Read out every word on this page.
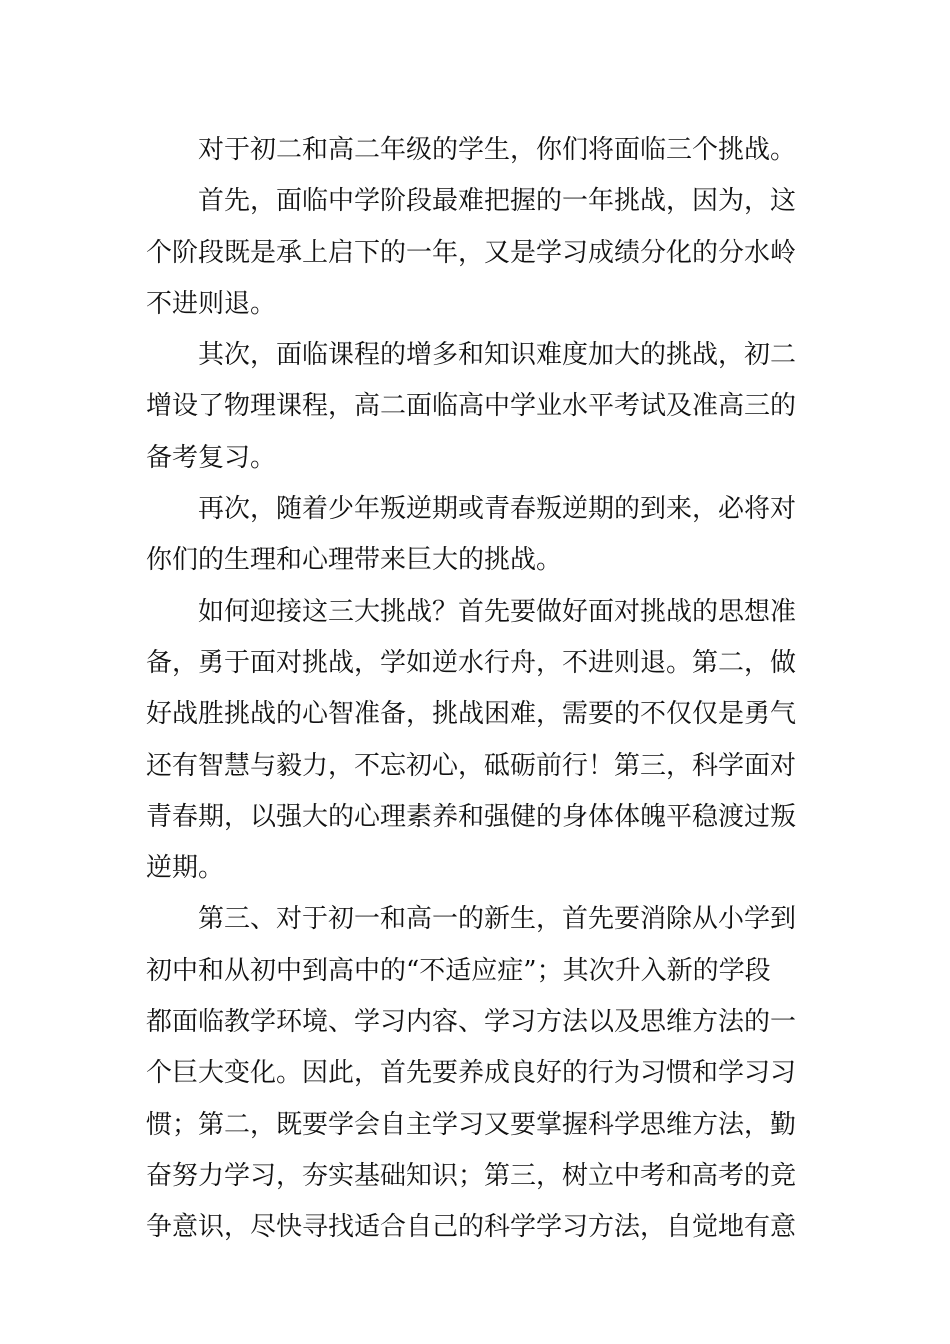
对于初二和高二年级的学生，你们将面临三个挑战。
首先，面临中学阶段最难把握的一年挑战，因为，这
个阶段既是承上启下的一年，又是学习成绩分化的分水岭
不进则退。
其次，面临课程的增多和知识难度加大的挑战，初二
增设了物理课程，高二面临高中学业水平考试及准高三的
备考复习。
再次，随着少年叛逆期或青春叛逆期的到来，必将对
你们的生理和心理带来巨大的挑战。
如何迎接这三大挑战？首先要做好面对挑战的思想准
备，勇于面对挑战，学如逆水行舟，不进则退。第二，做
好战胜挑战的心智准备，挑战困难，需要的不仅仅是勇气
还有智慧与毅力，不忘初心，砥砺前行！第三，科学面对
青春期，以强大的心理素养和强健的身体体魄平稳渡过叛
逆期。
第三、对于初一和高一的新生，首先要消除从小学到
初中和从初中到高中的“不适应症”；其次升入新的学段
都面临教学环境、学习内容、学习方法以及思维方法的一
个巨大变化。因此，首先要养成良好的行为习惯和学习习
惯；第二，既要学会自主学习又要掌握科学思维方法，勤
奋努力学习，夯实基础知识；第三，树立中考和高考的竞
争意识，尽快寻找适合自己的科学学习方法，自觉地有意
